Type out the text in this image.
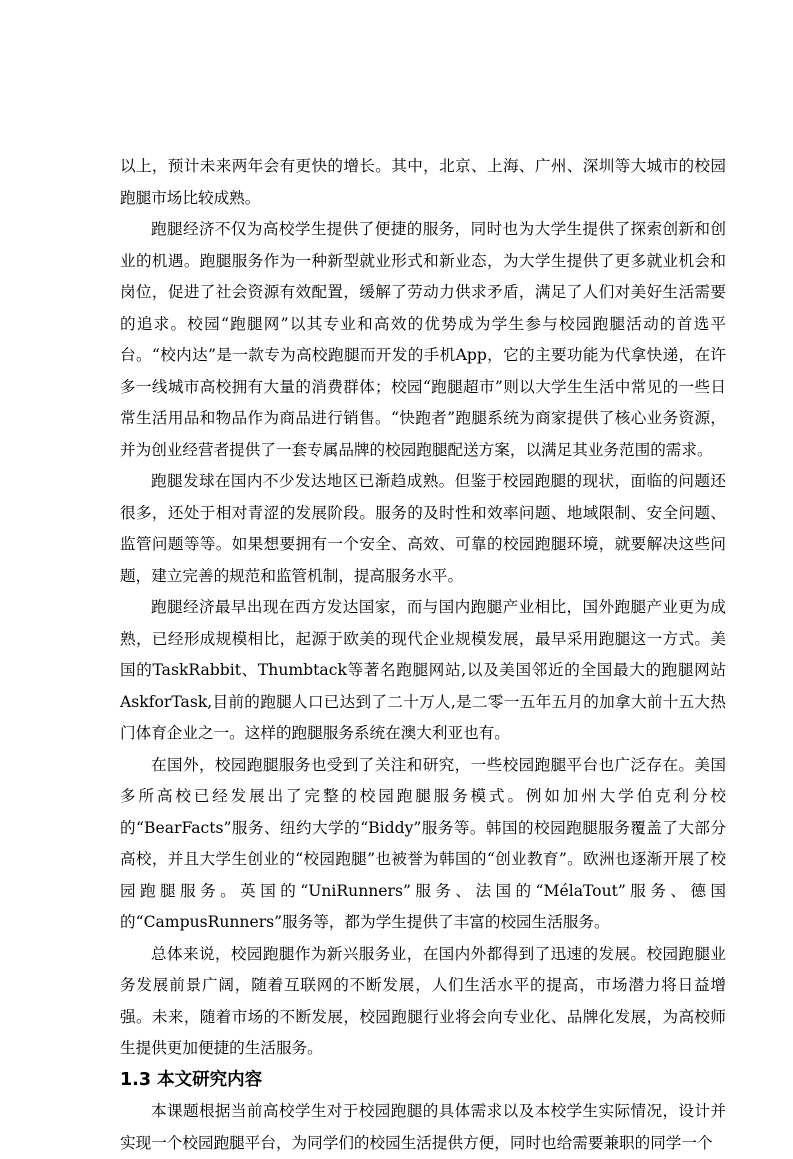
以上，预计未来两年会有更快的增长。其中，北京、上海、广州、深圳等大城市的校园跑腿市场比较成熟。

跑腿经济不仅为高校学生提供了便捷的服务，同时也为大学生提供了探索创新和创业的机遇。跑腿服务作为一种新型就业形式和新业态，为大学生提供了更多就业机会和岗位，促进了社会资源有效配置，缓解了劳动力供求矛盾，满足了人们对美好生活需要的追求。校园“跑腿网”以其专业和高效的优势成为学生参与校园跑腿活动的首选平台。“校内达”是一款专为高校跑腿而开发的手机App，它的主要功能为代拿快递，在许多一线城市高校拥有大量的消费群体；校园“跑腿超市”则以大学生生活中常见的一些日常生活用品和物品作为商品进行销售。“快跑者”跑腿系统为商家提供了核心业务资源，并为创业经营者提供了一套专属品牌的校园跑腿配送方案，以满足其业务范围的需求。

跑腿发球在国内不少发达地区已渐趋成熟。但鉴于校园跑腿的现状，面临的问题还很多，还处于相对青涩的发展阶段。服务的及时性和效率问题、地域限制、安全问题、监管问题等等。如果想要拥有一个安全、高效、可靠的校园跑腿环境，就要解决这些问题，建立完善的规范和监管机制，提高服务水平。

跑腿经济最早出现在西方发达国家，而与国内跑腿产业相比，国外跑腿产业更为成熟，已经形成规模相比，起源于欧美的现代企业规模发展，最早采用跑腿这一方式。美国的TaskRabbit、Thumbtack等著名跑腿网站,以及美国邻近的全国最大的跑腿网站AskforTask,目前的跑腿人口已达到了二十万人,是二零一五年五月的加拿大前十五大热门体育企业之一。这样的跑腿服务系统在澳大利亚也有。

在国外，校园跑腿服务也受到了关注和研究，一些校园跑腿平台也广泛存在。美国多所高校已经发展出了完整的校园跑腿服务模式。例如加州大学伯克利分校的“BearFacts”服务、纽约大学的“Biddy”服务等。韩国的校园跑腿服务覆盖了大部分高校，并且大学生创业的“校园跑腿”也被誉为韩国的“创业教育”。欧洲也逐渐开展了校园跑腿服务。英国的“UniRunners”服务、法国的“MélaTout”服务、德国的“CampusRunners”服务等，都为学生提供了丰富的校园生活服务。

总体来说，校园跑腿作为新兴服务业，在国内外都得到了迅速的发展。校园跑腿业务发展前景广阔，随着互联网的不断发展，人们生活水平的提高，市场潜力将日益增强。未来，随着市场的不断发展，校园跑腿行业将会向专业化、品牌化发展，为高校师生提供更加便捷的生活服务。

1.3 本文研究内容

本课题根据当前高校学生对于校园跑腿的具体需求以及本校学生实际情况，设计并实现一个校园跑腿平台，为同学们的校园生活提供方便，同时也给需要兼职的同学一个
